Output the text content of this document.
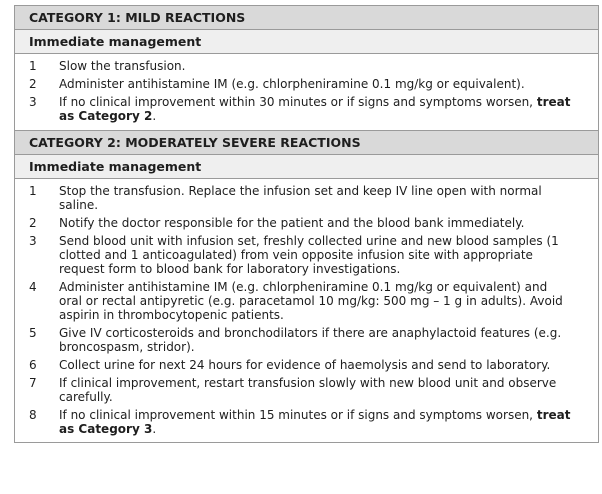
CATEGORY 1: MILD REACTIONS
Immediate management
1	Slow the transfusion.
2	Administer antihistamine IM (e.g. chlorpheniramine 0.1 mg/kg or equivalent).
3	If no clinical improvement within 30 minutes or if signs and symptoms worsen, treat as Category 2.
CATEGORY 2: MODERATELY SEVERE REACTIONS
Immediate management
1	Stop the transfusion. Replace the infusion set and keep IV line open with normal saline.
2	Notify the doctor responsible for the patient and the blood bank immediately.
3	Send blood unit with infusion set, freshly collected urine and new blood samples (1 clotted and 1 anticoagulated) from vein opposite infusion site with appropriate request form to blood bank for laboratory investigations.
4	Administer antihistamine IM (e.g. chlorpheniramine 0.1 mg/kg or equivalent) and oral or rectal antipyretic (e.g. paracetamol 10 mg/kg: 500 mg – 1 g in adults). Avoid aspirin in thrombocytopenic patients.
5	Give IV corticosteroids and bronchodilators if there are anaphylactoid features (e.g. broncospasm, stridor).
6	Collect urine for next 24 hours for evidence of haemolysis and send to laboratory.
7	If clinical improvement, restart transfusion slowly with new blood unit and observe carefully.
8	If no clinical improvement within 15 minutes or if signs and symptoms worsen, treat as Category 3.
